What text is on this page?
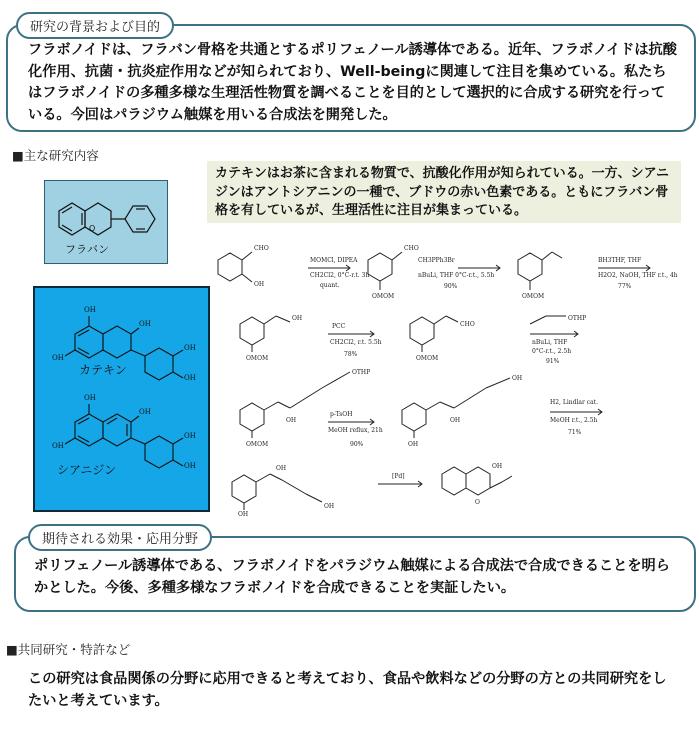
研究の背景および目的
フラボノイドは、フラバン骨格を共通とするポリフェノール誘導体である。近年、フラボノイドは抗酸化作用、抗菌・抗炎症作用などが知られており、Well-beingに関連して注目を集めている。私たちはフラボノイドの多種多様な生理活性物質を調べることを目的として選択的に合成する研究を行っている。今回はパラジウム触媒を用いる合成法を開発した。
■主な研究内容
カテキンはお茶に含まれる物質で、抗酸化作用が知られている。一方、シアニジンはアントシアニンの一種で、ブドウの赤い色素である。ともにフラバン骨格を有しているが、生理活性に注目が集まっている。
O
フラバン
OH
OH
OH
OH
OH
OH
OH
OH
OH
OH
カテキン
シアニジン
MOMCl, DIPEA
CH2Cl2, 0°C-r.t. 3h
quant.
CH3PPh3Br
nBuLi, THF 0°C-r.t., 5.5h
90%
BH3THF, THF
H2O2, NaOH, THF r.t., 4h
77%
PCC
CH2Cl2, r.t. 5.5h
78%
nBuLi, THF
0°C-r.t., 2.5h
91%
p-TsOH
MeOH reflux, 21h
90%
H2, Lindlar cat.
MeOH r.t., 2.5h
71%
[Pd]
CHO
OH
CHO
OMOM	OMOM
OH
OMOM
CHO
OMOM
OTHP
OTHP
OH
OMOM
OH
OH
OH
OH
OH
OH
OH
O
期待される効果・応用分野
ポリフェノール誘導体である、フラボノイドをパラジウム触媒による合成法で合成できることを明らかとした。今後、多種多様なフラボノイドを合成できることを実証したい。
■共同研究・特許など
この研究は食品関係の分野に応用できると考えており、食品や飲料などの分野の方との共同研究をしたいと考えています。
